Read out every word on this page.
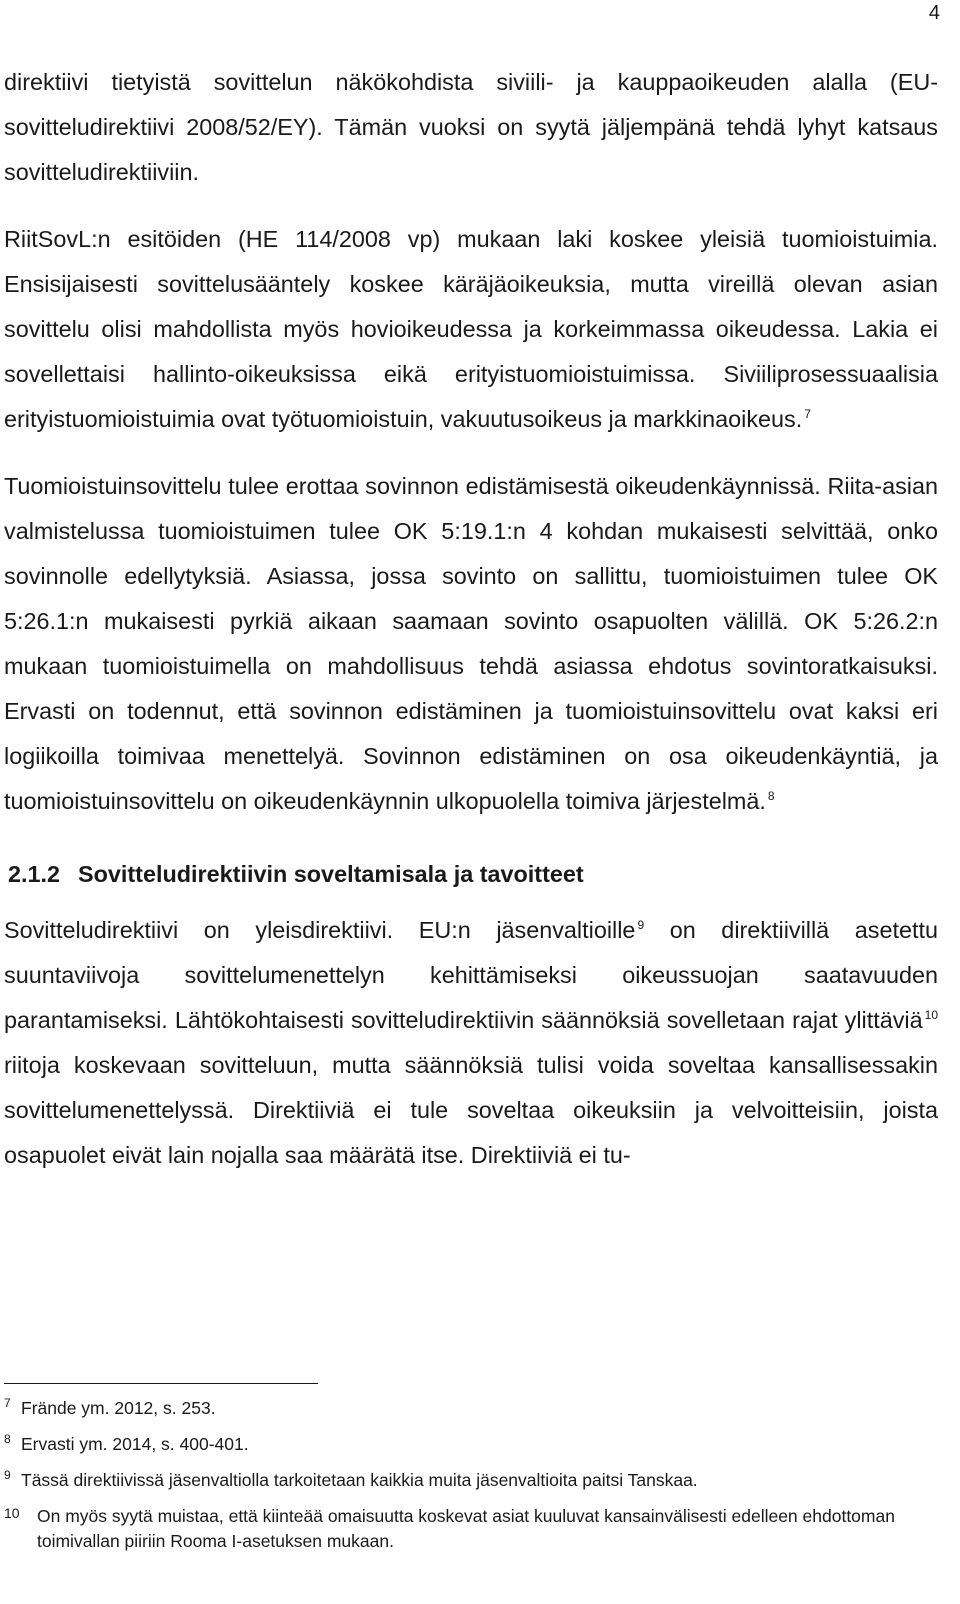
4

direktiivi tietyistä sovittelun näkökohdista siviili- ja kauppaoikeuden alalla (EU-sovitteludirektiivi 2008/52/EY). Tämän vuoksi on syytä jäljempänä tehdä lyhyt katsaus sovitteludirektiiviin.

RiitSovL:n esitöiden (HE 114/2008 vp) mukaan laki koskee yleisiä tuomioistuimia. Ensisijaisesti sovittelusääntely koskee käräjäoikeuksia, mutta vireillä olevan asian sovittelu olisi mahdollista myös hovioikeudessa ja korkeimmassa oikeudessa. Lakia ei sovellettaisi hallinto-oikeuksissa eikä erityistuomioistuimissa. Siviiliprosessuaalisia erityistuomioistuimia ovat työtuomioistuin, vakuutusoikeus ja markkinaoikeus. $^7$

Tuomioistuinsovittelu tulee erottaa sovinnon edistämisestä oikeudenkäynnissä. Riita-asian valmistelussa tuomioistuimen tulee OK 5:19.1:n 4 kohdan mukaisesti selvittää, onko sovinnolle edellytyksiä. Asiassa, jossa sovinto on sallittu, tuomioistuimen tulee OK 5:26.1:n mukaisesti pyrkiä aikaan saamaan sovinto osapuolten välillä. OK 5:26.2:n mukaan tuomioistuimella on mahdollisuus tehdä asiassa ehdotus sovintoratkaisuksi. Ervasti on todennut, että sovinnon edistäminen ja tuomioistuinsovittelu ovat kaksi eri logiikoilla toimivaa menettelyä. Sovinnon edistäminen on osa oikeudenkäyntiä, ja tuomioistuinsovittelu on oikeudenkäynnin ulkopuolella toimiva järjestelmä. $^8$

2.1.2 Sovitteludirektiivin soveltamisala ja tavoitteet

Sovitteludirektiivi on yleisdirektiivi. EU:n jäsenvaltioille $^9$ on direktiivillä asetettu suuntaviivoja sovittelumenettelyn kehittämiseksi oikeussuojan saatavuuden parantamiseksi. Lähtökohtaisesti sovitteludirektiivin säännöksiä sovelletaan rajat ylittäviä $^{10}$ riitoja koskevaan sovitteluun, mutta säännöksiä tulisi voida soveltaa kansallisessakin sovittelumenettelyssä. Direktiiviä ei tule soveltaa oikeuksiin ja velvoitteisiin, joista osapuolet eivät lain nojalla saa määrätä itse. Direktiiviä ei tu-

7 Frände ym. 2012, s. 253.
8 Ervasti ym. 2014, s. 400-401.
9 Tässä direktiivissä jäsenvaltiolla tarkoitetaan kaikkia muita jäsenvaltioita paitsi Tanskaa.
10 On myös syytä muistaa, että kiinteää omaisuutta koskevat asiat kuuluvat kansainvälisesti edelleen ehdottoman toimivallan piiriin Rooma I-asetuksen mukaan.
